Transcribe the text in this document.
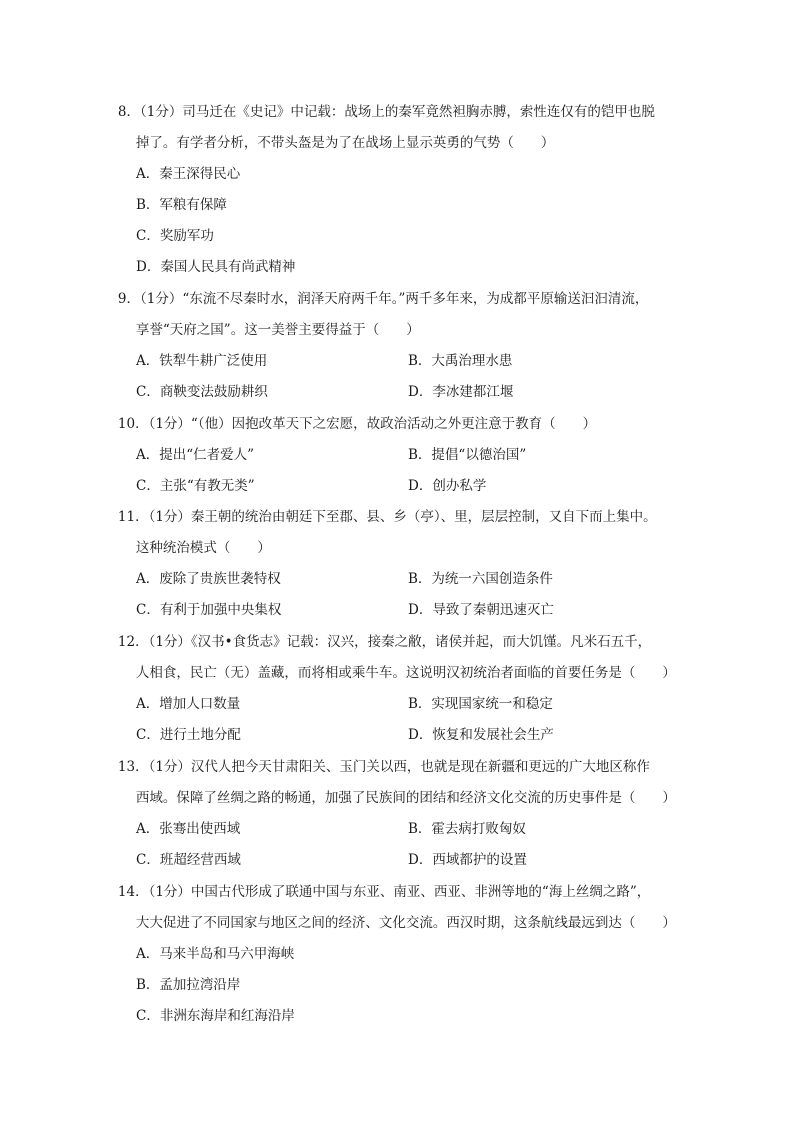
8．（1分）司马迁在《史记》中记载：战场上的秦军竟然袒胸赤膊，索性连仅有的铠甲也脱
掉了。有学者分析，不带头盔是为了在战场上显示英勇的气势（　　）

A．秦王深得民心
B．军粮有保障
C．奖励军功
D．秦国人民具有尚武精神

9．（1分）“东流不尽秦时水，润泽天府两千年。”两千多年来，为成都平原输送汩汩清流，
享誉“天府之国”。这一美誉主要得益于（　　）

A．铁犁牛耕广泛使用	B．大禹治理水患
C．商鞅变法鼓励耕织	D．李冰建都江堰

10．（1分）“（他）因抱改革天下之宏愿，故政治活动之外更注意于教育（　　）

A．提出“仁者爱人”	B．提倡“以德治国”
C．主张“有教无类”	D．创办私学

11．（1分）秦王朝的统治由朝廷下至郡、县、乡（亭）、里，层层控制，又自下而上集中。
这种统治模式（　　）

A．废除了贵族世袭特权	B．为统一六国创造条件
C．有利于加强中央集权	D．导致了秦朝迅速灭亡

12．（1分）《汉书•食货志》记载：汉兴，接秦之敝，诸侯并起，而大饥馑。凡米石五千，
人相食，民亡（无）盖藏，而将相或乘牛车。这说明汉初统治者面临的首要任务是（　　）

A．增加人口数量	B．实现国家统一和稳定
C．进行土地分配	D．恢复和发展社会生产

13．（1分）汉代人把今天甘肃阳关、玉门关以西，也就是现在新疆和更远的广大地区称作
西域。保障了丝绸之路的畅通，加强了民族间的团结和经济文化交流的历史事件是（　　）

A．张骞出使西域	B．霍去病打败匈奴
C．班超经营西域	D．西域都护的设置

14．（1分）中国古代形成了联通中国与东亚、南亚、西亚、非洲等地的“海上丝绸之路”，
大大促进了不同国家与地区之间的经济、文化交流。西汉时期，这条航线最远到达（　　）

A．马来半岛和马六甲海峡
B．孟加拉湾沿岸
C．非洲东海岸和红海沿岸
